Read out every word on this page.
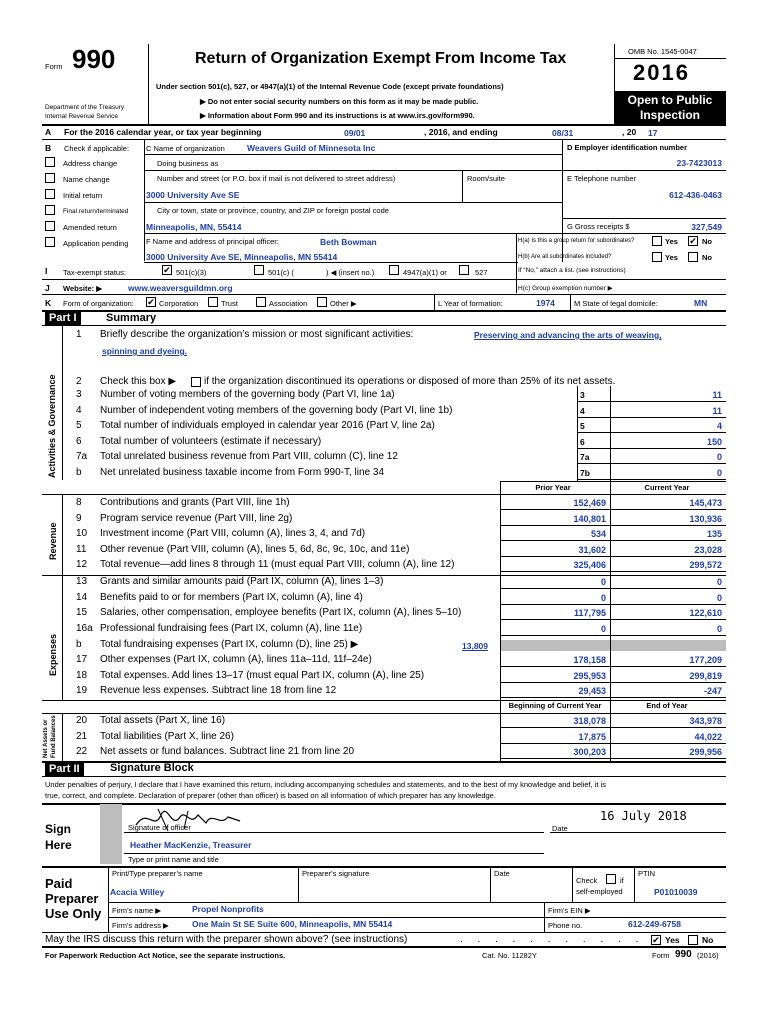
Form 990
Department of the Treasury
Internal Revenue Service
Return of Organization Exempt From Income Tax
Under section 501(c), 527, or 4947(a)(1) of the Internal Revenue Code (except private foundations)
▶ Do not enter social security numbers on this form as it may be made public.
▶ Information about Form 990 and its instructions is at www.irs.gov/form990.
OMB No. 1545-0047
2016
Open to Public
Inspection
A For the 2016 calendar year, or tax year beginning	09/01	, 2016, and ending	08/31	, 20 17
B Check if applicable:
Address change
Name change
Initial return
Final return/terminated
Amended return
Application pending
C Name of organization	Weavers Guild of Minnesota Inc
Doing business as
Number and street (or P.O. box if mail is not delivered to street address)	Room/suite
3000 University Ave SE
City or town, state or province, country, and ZIP or foreign postal code
Minneapolis, MN, 55414
F Name and address of principal officer:	Beth Bowman
3000 University Ave SE, Minneapolis, MN 55414
D Employer identification number
23-7423013
E Telephone number
612-436-0463
G Gross receipts $	327,549
H(a) Is this a group return for subordinates?	Yes ✔ No
H(b) Are all subordinates included?	Yes	No
If “No,” attach a list. (see instructions)
H(c) Group exemption number ▶
I Tax-exempt status:	✔ 501(c)(3)	501(c) (	) ◀ (insert no.)	4947(a)(1) or	527
J Website: ▶	www.weaversguildmn.org
K Form of organization: ✔ Corporation	Trust	Association	Other ▶	L Year of formation:	1974	M State of legal domicile:	MN
Part I	Summary
Activities & Governance
1 Briefly describe the organization’s mission or most significant activities:	Preserving and advancing the arts of weaving,
spinning and dyeing.
2 Check this box ▶	if the organization discontinued its operations or disposed of more than 25% of its net assets.
3 Number of voting members of the governing body (Part VI, line 1a)	3	11
4 Number of independent voting members of the governing body (Part VI, line 1b)	4	11
5 Total number of individuals employed in calendar year 2016 (Part V, line 2a)	5	4
6 Total number of volunteers (estimate if necessary)	6	150
7a Total unrelated business revenue from Part VIII, column (C), line 12	7a	0
b Net unrelated business taxable income from Form 990-T, line 34	7b	0
Prior Year	Current Year
Revenue
8 Contributions and grants (Part VIII, line 1h)	152,469	145,473
9 Program service revenue (Part VIII, line 2g)	140,801	130,936
10 Investment income (Part VIII, column (A), lines 3, 4, and 7d)	534	135
11 Other revenue (Part VIII, column (A), lines 5, 6d, 8c, 9c, 10c, and 11e)	31,602	23,028
12 Total revenue—add lines 8 through 11 (must equal Part VIII, column (A), line 12)	325,406	299,572
Expenses
13 Grants and similar amounts paid (Part IX, column (A), lines 1–3)	0	0
14 Benefits paid to or for members (Part IX, column (A), line 4)	0	0
15 Salaries, other compensation, employee benefits (Part IX, column (A), lines 5–10)	117,795	122,610
16a Professional fundraising fees (Part IX, column (A), line 11e)	0	0
b Total fundraising expenses (Part IX, column (D), line 25) ▶	13,809
17 Other expenses (Part IX, column (A), lines 11a–11d, 11f–24e)	178,158	177,209
18 Total expenses. Add lines 13–17 (must equal Part IX, column (A), line 25)	295,953	299,819
19 Revenue less expenses. Subtract line 18 from line 12	29,453	-247
Beginning of Current Year	End of Year
Net Assets or Fund Balances 20 Total assets (Part X, line 16)	318,078	343,978
21 Total liabilities (Part X, line 26)	17,875	44,022
22 Net assets or fund balances. Subtract line 21 from line 20	300,203	299,956
Part II	Signature Block
Under penalties of perjury, I declare that I have examined this return, including accompanying schedules and statements, and to the best of my knowledge and belief, it is
true, correct, and complete. Declaration of preparer (other than officer) is based on all information of which preparer has any knowledge.
Sign
Here
Signature of officer
16 July 2018
Date
Heather MacKenzie, Treasurer
Type or print name and title
Paid
Preparer
Use Only
Print/Type preparer’s name	Preparer's signature	Date
Check	if
self-employed
PTIN
Acacia Willey	P01010039
Firm’s name ▶	Propel Nonprofits	Firm's EIN ▶
Firm's address ▶	One Main St SE Suite 600, Minneapolis, MN 55414	Phone no.	612-249-6758
May the IRS discuss this return with the preparer shown above? (see instructions)	. . . . . . . . . . . ✔ Yes	No
For Paperwork Reduction Act Notice, see the separate instructions.	Cat. No. 11282Y	Form 990 (2016)
